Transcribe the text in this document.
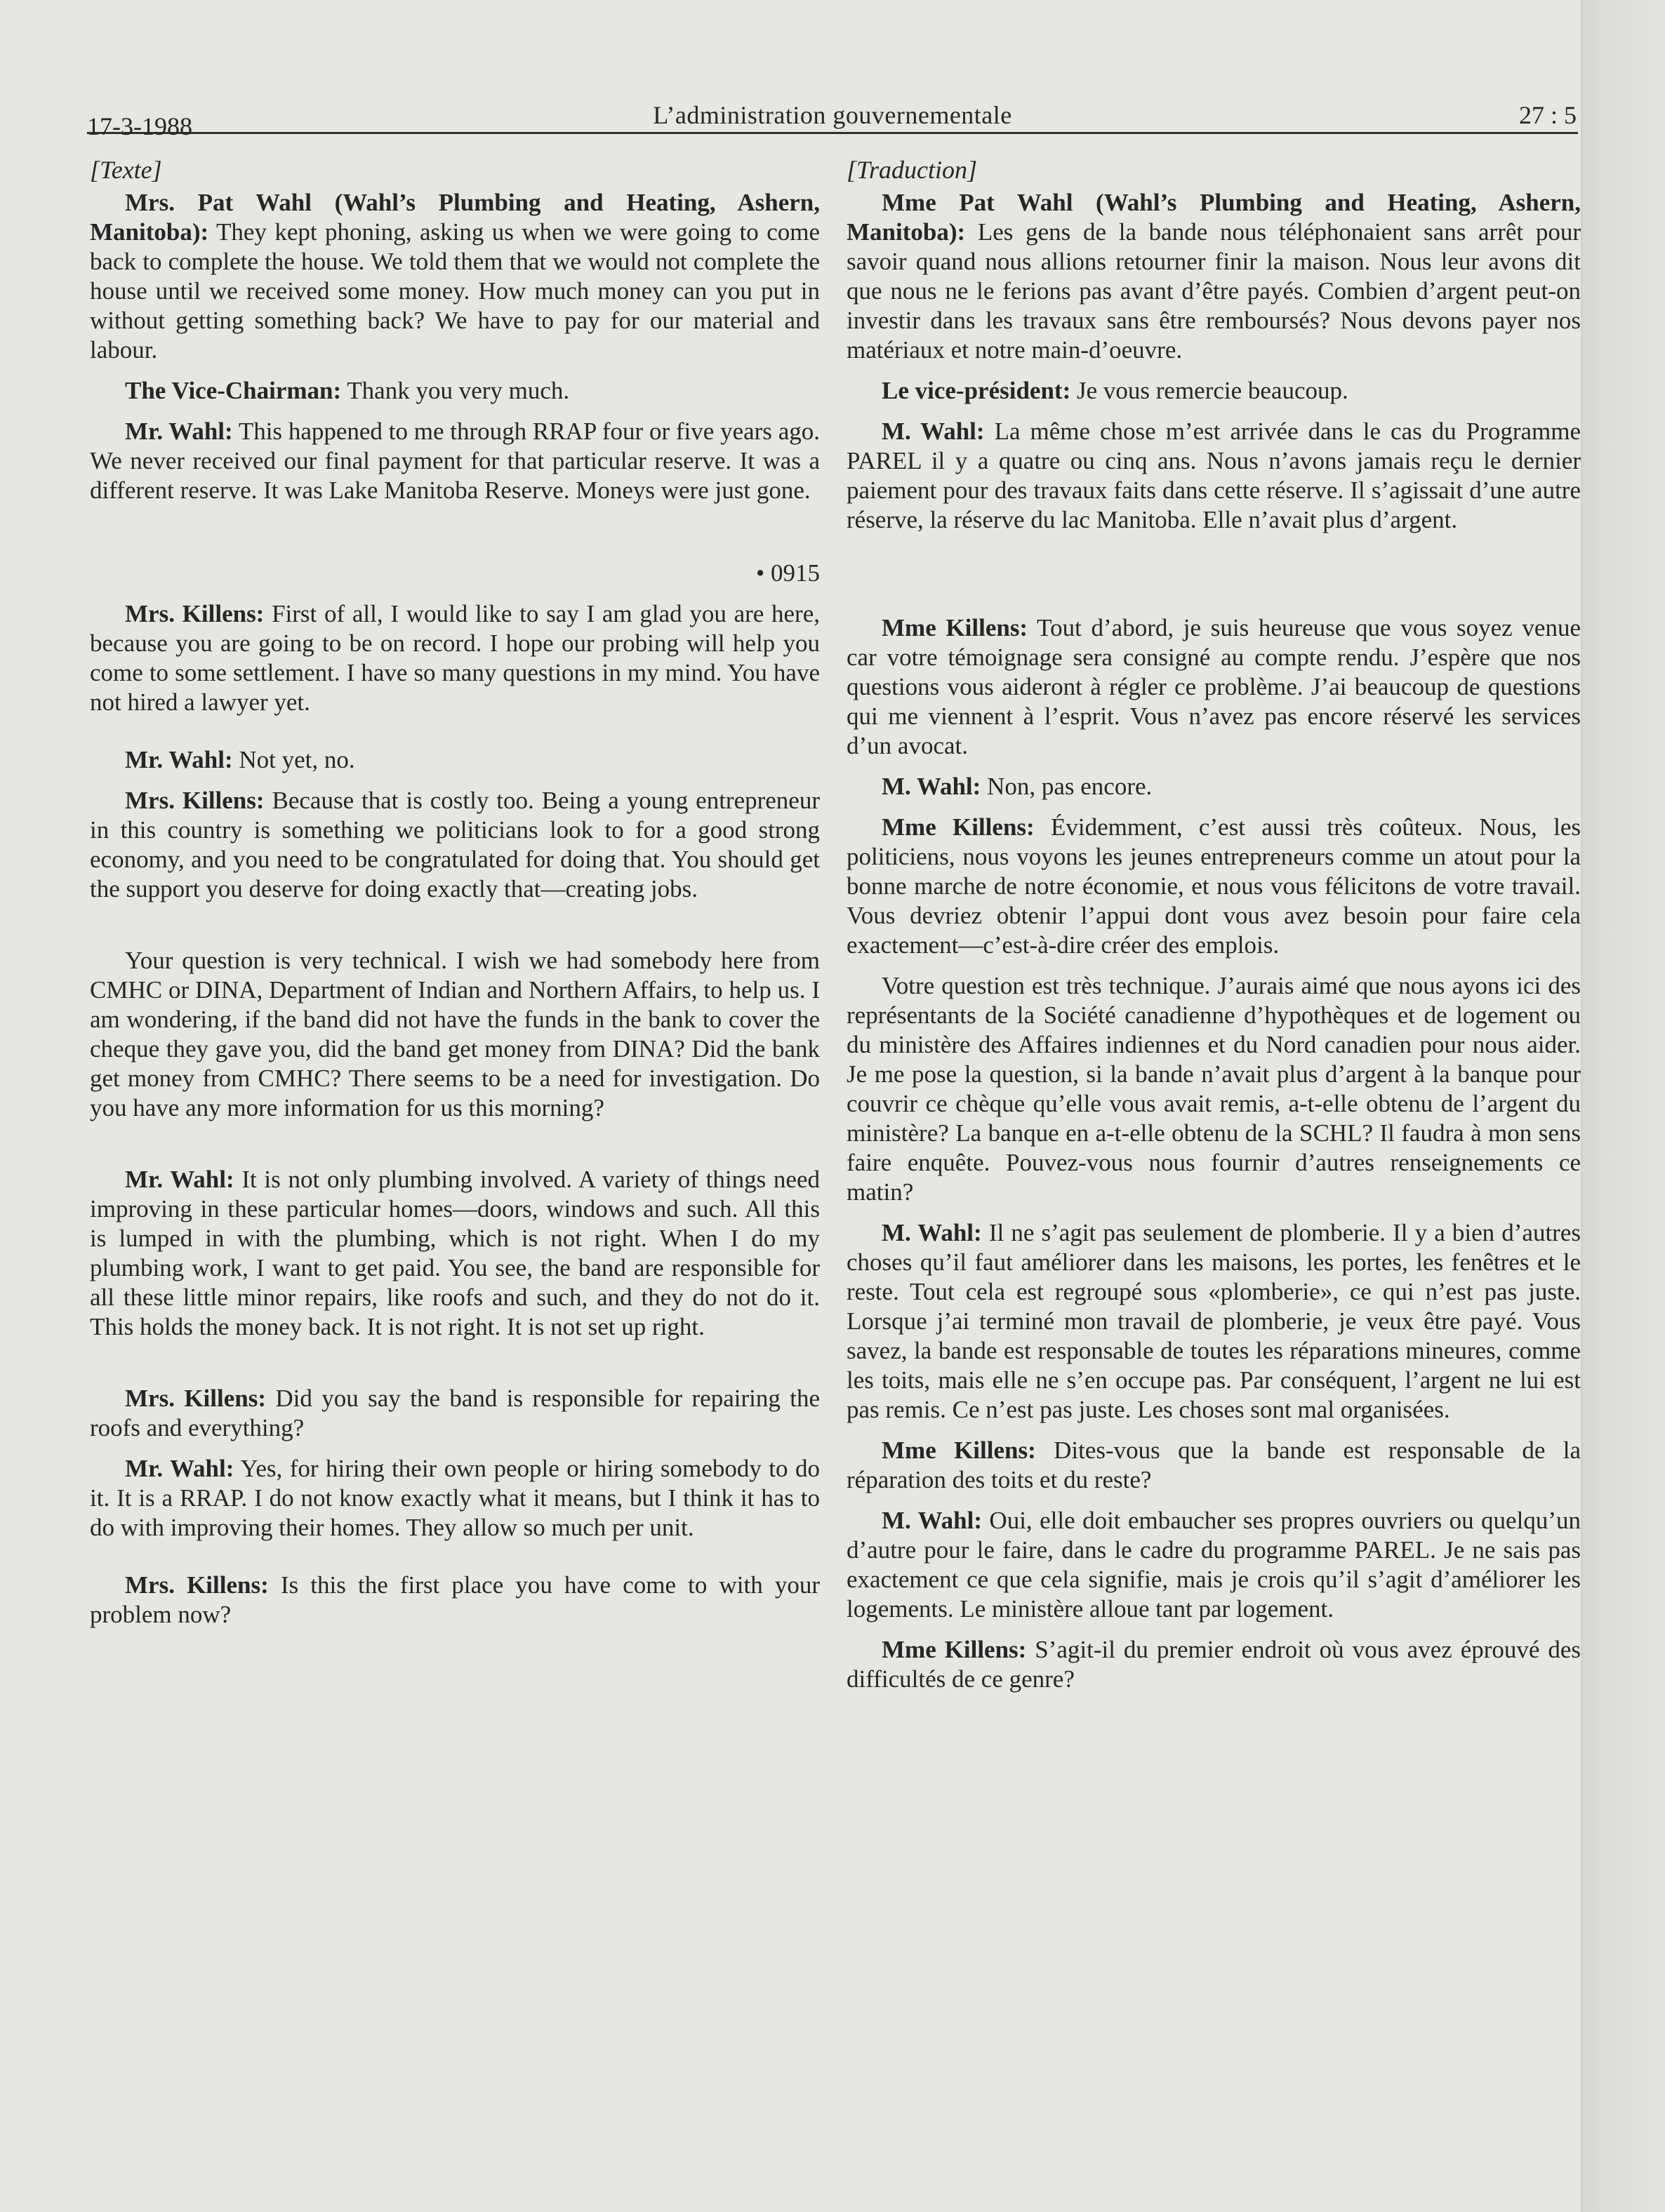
17-3-1988	L’administration gouvernementale	27 : 5
[Texte]

Mrs. Pat Wahl (Wahl’s Plumbing and Heating, Ashern, Manitoba): They kept phoning, asking us when we were going to come back to complete the house. We told them that we would not complete the house until we received some money. How much money can you put in without getting something back? We have to pay for our material and labour.

The Vice-Chairman: Thank you very much.

Mr. Wahl: This happened to me through RRAP four or five years ago. We never received our final payment for that particular reserve. It was a different reserve. It was Lake Manitoba Reserve. Moneys were just gone.

• 0915

Mrs. Killens: First of all, I would like to say I am glad you are here, because you are going to be on record. I hope our probing will help you come to some settlement. I have so many questions in my mind. You have not hired a lawyer yet.

Mr. Wahl: Not yet, no.

Mrs. Killens: Because that is costly too. Being a young entrepreneur in this country is something we politicians look to for a good strong economy, and you need to be congratulated for doing that. You should get the support you deserve for doing exactly that—creating jobs.

Your question is very technical. I wish we had somebody here from CMHC or DINA, Department of Indian and Northern Affairs, to help us. I am wondering, if the band did not have the funds in the bank to cover the cheque they gave you, did the band get money from DINA? Did the bank get money from CMHC? There seems to be a need for investigation. Do you have any more information for us this morning?

Mr. Wahl: It is not only plumbing involved. A variety of things need improving in these particular homes—doors, windows and such. All this is lumped in with the plumbing, which is not right. When I do my plumbing work, I want to get paid. You see, the band are responsible for all these little minor repairs, like roofs and such, and they do not do it. This holds the money back. It is not right. It is not set up right.

Mrs. Killens: Did you say the band is responsible for repairing the roofs and everything?

Mr. Wahl: Yes, for hiring their own people or hiring somebody to do it. It is a RRAP. I do not know exactly what it means, but I think it has to do with improving their homes. They allow so much per unit.

Mrs. Killens: Is this the first place you have come to with your problem now?

[Traduction]

Mme Pat Wahl (Wahl’s Plumbing and Heating, Ashern, Manitoba): Les gens de la bande nous téléphonaient sans arrêt pour savoir quand nous allions retourner finir la maison. Nous leur avons dit que nous ne le ferions pas avant d’être payés. Combien d’argent peut-on investir dans les travaux sans être remboursés? Nous devons payer nos matériaux et notre main-d’oeuvre.

Le vice-président: Je vous remercie beaucoup.

M. Wahl: La même chose m’est arrivée dans le cas du Programme PAREL il y a quatre ou cinq ans. Nous n’avons jamais reçu le dernier paiement pour des travaux faits dans cette réserve. Il s’agissait d’une autre réserve, la réserve du lac Manitoba. Elle n’avait plus d’argent.

Mme Killens: Tout d’abord, je suis heureuse que vous soyez venue car votre témoignage sera consigné au compte rendu. J’espère que nos questions vous aideront à régler ce problème. J’ai beaucoup de questions qui me viennent à l’esprit. Vous n’avez pas encore réservé les services d’un avocat.

M. Wahl: Non, pas encore.

Mme Killens: Évidemment, c’est aussi très coûteux. Nous, les politiciens, nous voyons les jeunes entrepreneurs comme un atout pour la bonne marche de notre économie, et nous vous félicitons de votre travail. Vous devriez obtenir l’appui dont vous avez besoin pour faire cela exactement—c’est-à-dire créer des emplois.

Votre question est très technique. J’aurais aimé que nous ayons ici des représentants de la Société canadienne d’hypothèques et de logement ou du ministère des Affaires indiennes et du Nord canadien pour nous aider. Je me pose la question, si la bande n’avait plus d’argent à la banque pour couvrir ce chèque qu’elle vous avait remis, a-t-elle obtenu de l’argent du ministère? La banque en a-t-elle obtenu de la SCHL? Il faudra à mon sens faire enquête. Pouvez-vous nous fournir d’autres renseignements ce matin?

M. Wahl: Il ne s’agit pas seulement de plomberie. Il y a bien d’autres choses qu’il faut améliorer dans les maisons, les portes, les fenêtres et le reste. Tout cela est regroupé sous «plomberie», ce qui n’est pas juste. Lorsque j’ai terminé mon travail de plomberie, je veux être payé. Vous savez, la bande est responsable de toutes les réparations mineures, comme les toits, mais elle ne s’en occupe pas. Par conséquent, l’argent ne lui est pas remis. Ce n’est pas juste. Les choses sont mal organisées.

Mme Killens: Dites-vous que la bande est responsable de la réparation des toits et du reste?

M. Wahl: Oui, elle doit embaucher ses propres ouvriers ou quelqu’un d’autre pour le faire, dans le cadre du programme PAREL. Je ne sais pas exactement ce que cela signifie, mais je crois qu’il s’agit d’améliorer les logements. Le ministère alloue tant par logement.

Mme Killens: S’agit-il du premier endroit où vous avez éprouvé des difficultés de ce genre?
